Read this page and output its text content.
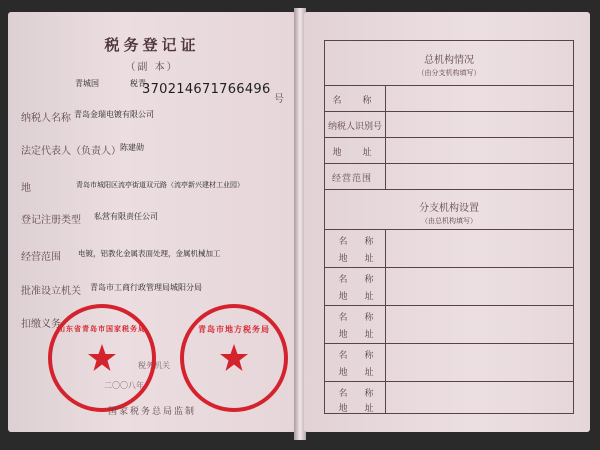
税务登记证
（副 本）
青城国	税青
370214671766496
号
纳税人名称 青岛金瑞电镀有限公司
法定代表人（负责人） 陈建勋
地	青岛市城阳区流亭街道双元路（流亭新兴建材工业园）
登记注册类型 私营有限责任公司
经营范围 电镀，铝教化金属表面处理，金属机械加工
批准设立机关 青岛市工商行政管理局城阳分局
扣缴义务
税务机关
二〇〇八年
山东省青岛市国家税务局	青岛市地方税务局
国家税务总局监制
总机构情况
（由分支机构填写）
名　称
纳税人识别号
地　址
经营范围
分支机构设置
（由总机构填写）
名　称
地　址
名　称
地　址
名　称
地　址
名　称
地　址
名　称
地　址
